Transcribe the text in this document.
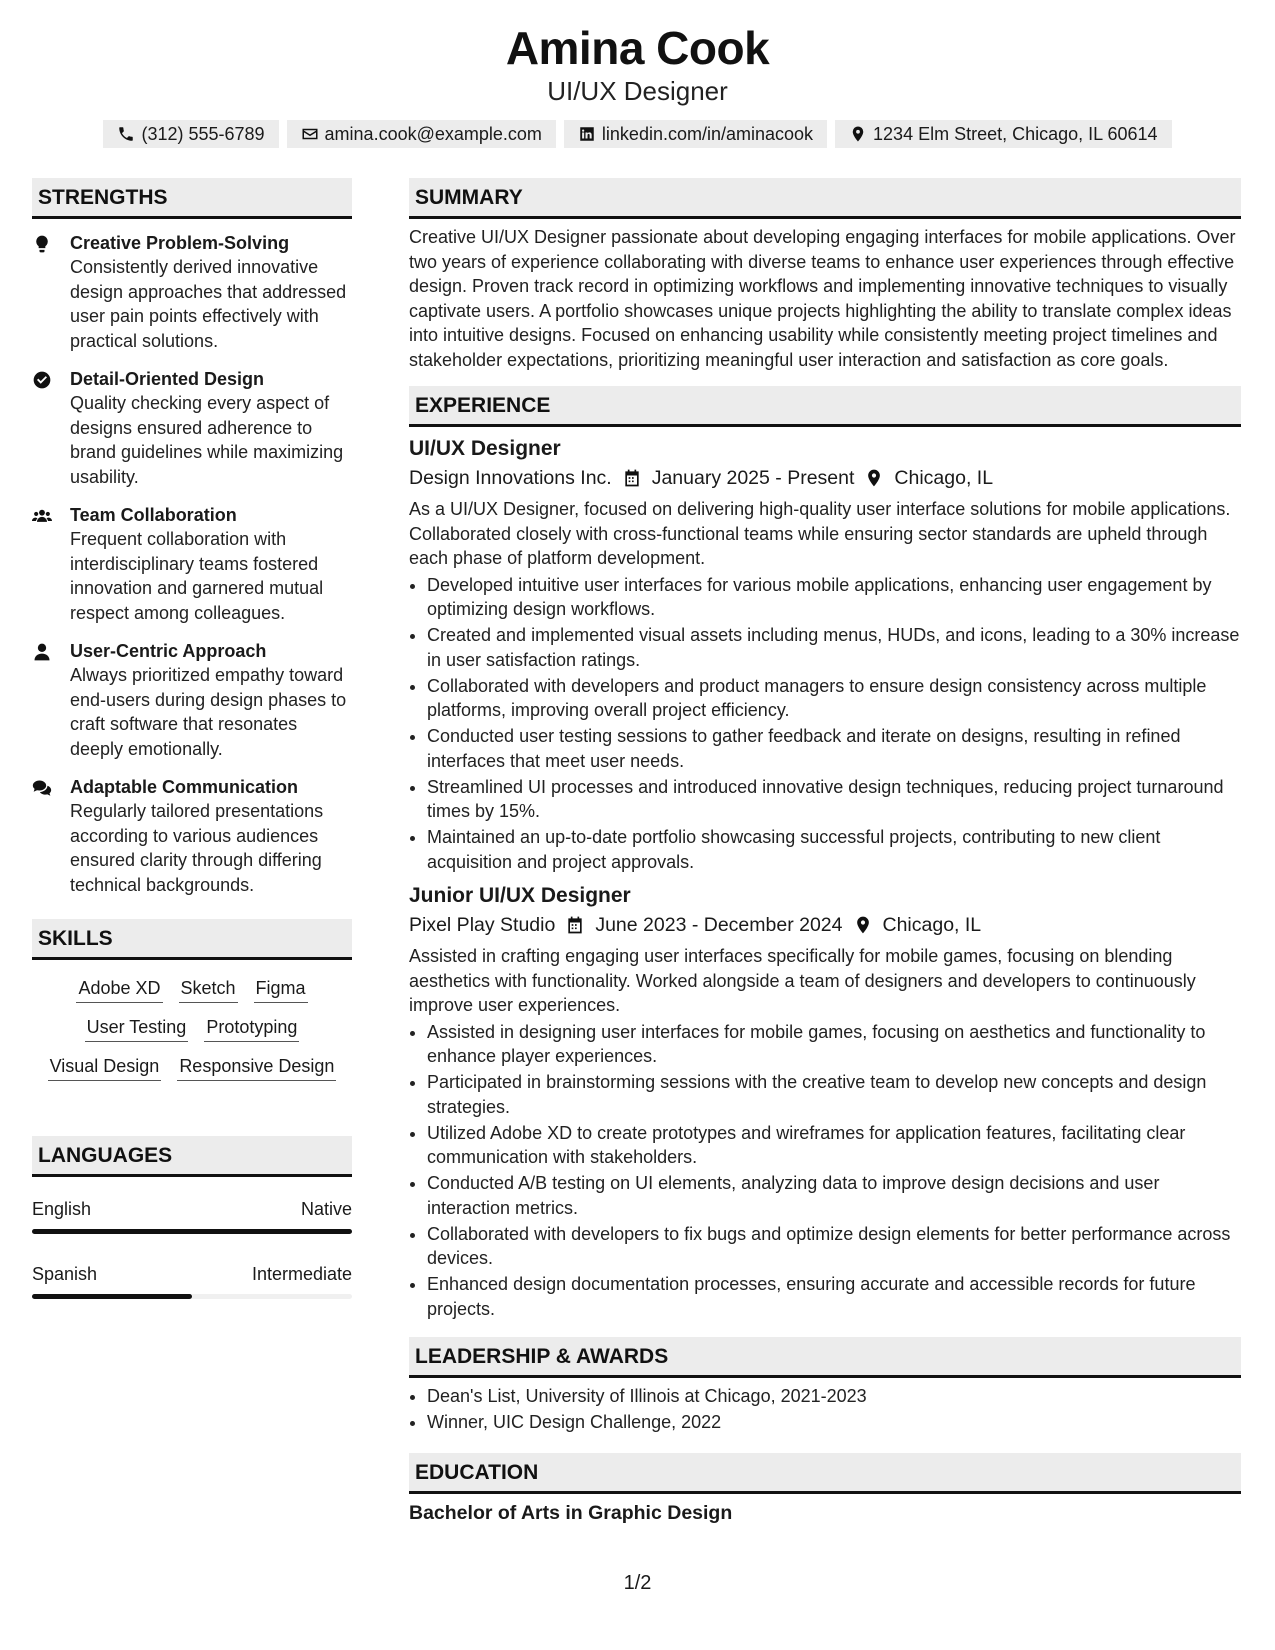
Amina Cook
UI/UX Designer
(312) 555-6789	amina.cook@example.com	linkedin.com/in/aminacook	1234 Elm Street, Chicago, IL 60614
STRENGTHS
Creative Problem-Solving
Consistently derived innovative design approaches that addressed user pain points effectively with practical solutions.
Detail-Oriented Design
Quality checking every aspect of designs ensured adherence to brand guidelines while maximizing usability.
Team Collaboration
Frequent collaboration with interdisciplinary teams fostered innovation and garnered mutual respect among colleagues.
User-Centric Approach
Always prioritized empathy toward end-users during design phases to craft software that resonates deeply emotionally.
Adaptable Communication
Regularly tailored presentations according to various audiences ensured clarity through differing technical backgrounds.
SKILLS
Adobe XD Sketch Figma
User Testing Prototyping
Visual Design Responsive Design
LANGUAGES
English	Native
Spanish	Intermediate
SUMMARY
Creative UI/UX Designer passionate about developing engaging interfaces for mobile applications. Over two years of experience collaborating with diverse teams to enhance user experiences through effective design. Proven track record in optimizing workflows and implementing innovative techniques to visually captivate users. A portfolio showcases unique projects highlighting the ability to translate complex ideas into intuitive designs. Focused on enhancing usability while consistently meeting project timelines and stakeholder expectations, prioritizing meaningful user interaction and satisfaction as core goals.
EXPERIENCE
UI/UX Designer
Design Innovations Inc. January 2025 - Present Chicago, IL
As a UI/UX Designer, focused on delivering high-quality user interface solutions for mobile applications. Collaborated closely with cross-functional teams while ensuring sector standards are upheld through each phase of platform development.
• Developed intuitive user interfaces for various mobile applications, enhancing user engagement by optimizing design workflows.
• Created and implemented visual assets including menus, HUDs, and icons, leading to a 30% increase in user satisfaction ratings.
• Collaborated with developers and product managers to ensure design consistency across multiple platforms, improving overall project efficiency.
• Conducted user testing sessions to gather feedback and iterate on designs, resulting in refined interfaces that meet user needs.
• Streamlined UI processes and introduced innovative design techniques, reducing project turnaround times by 15%.
• Maintained an up-to-date portfolio showcasing successful projects, contributing to new client acquisition and project approvals.
Junior UI/UX Designer
Pixel Play Studio June 2023 - December 2024 Chicago, IL
Assisted in crafting engaging user interfaces specifically for mobile games, focusing on blending aesthetics with functionality. Worked alongside a team of designers and developers to continuously improve user experiences.
• Assisted in designing user interfaces for mobile games, focusing on aesthetics and functionality to enhance player experiences.
• Participated in brainstorming sessions with the creative team to develop new concepts and design strategies.
• Utilized Adobe XD to create prototypes and wireframes for application features, facilitating clear communication with stakeholders.
• Conducted A/B testing on UI elements, analyzing data to improve design decisions and user interaction metrics.
• Collaborated with developers to fix bugs and optimize design elements for better performance across devices.
• Enhanced design documentation processes, ensuring accurate and accessible records for future projects.
LEADERSHIP & AWARDS
• Dean's List, University of Illinois at Chicago, 2021-2023
• Winner, UIC Design Challenge, 2022
EDUCATION
Bachelor of Arts in Graphic Design
1/2
